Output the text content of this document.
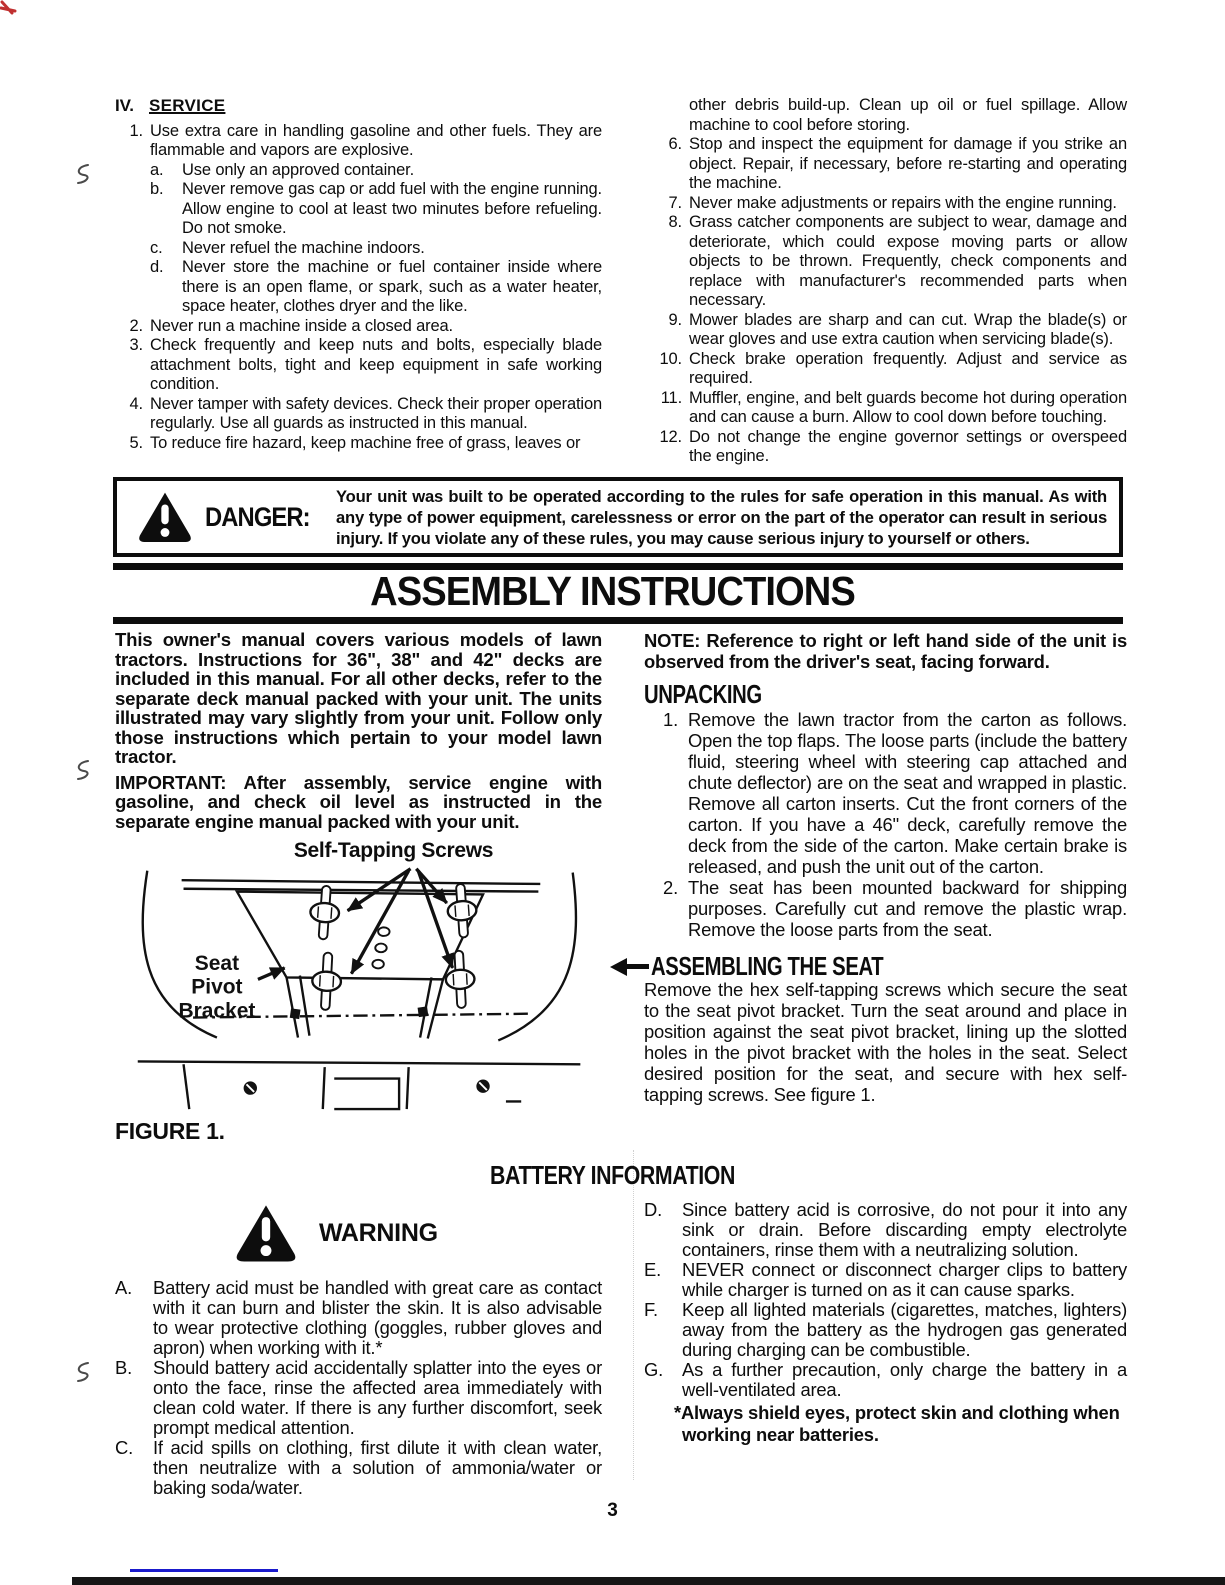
IV. SERVICE
1. Use extra care in handling gasoline and other fuels. They are flammable and vapors are explosive.
a.	Use only an approved container.
b.	Never remove gas cap or add fuel with the engine running. Allow engine to cool at least two minutes before refueling. Do not smoke.
c.	Never refuel the machine indoors.
d.	Never store the machine or fuel container inside where there is an open flame, or spark, such as a water heater, space heater, clothes dryer and the like.
2. Never run a machine inside a closed area.
3. Check frequently and keep nuts and bolts, especially blade attachment bolts, tight and keep equipment in safe working condition.
4. Never tamper with safety devices. Check their proper operation regularly. Use all guards as instructed in this manual.
5. To reduce fire hazard, keep machine free of grass, leaves or
other debris build-up. Clean up oil or fuel spillage. Allow machine to cool before storing.
6. Stop and inspect the equipment for damage if you strike an object. Repair, if necessary, before re-starting and operating the machine.
7. Never make adjustments or repairs with the engine running.
8. Grass catcher components are subject to wear, damage and deteriorate, which could expose moving parts or allow objects to be thrown. Frequently, check components and replace with manufacturer's recommended parts when necessary.
9. Mower blades are sharp and can cut. Wrap the blade(s) or wear gloves and use extra caution when servicing blade(s).
10. Check brake operation frequently. Adjust and service as required.
11. Muffler, engine, and belt guards become hot during operation and can cause a burn. Allow to cool down before touching.
12. Do not change the engine governor settings or overspeed the engine.
DANGER:
Your unit was built to be operated according to the rules for safe operation in this manual. As with any type of power equipment, carelessness or error on the part of the operator can result in serious injury. If you violate any of these rules, you may cause serious injury to yourself or others.
ASSEMBLY INSTRUCTIONS

This owner's manual covers various models of lawn tractors. Instructions for 36", 38" and 42" decks are included in this manual. For all other decks, refer to the separate deck manual packed with your unit. The units illustrated may vary slightly from your unit. Follow only those instructions which pertain to your model lawn tractor.

IMPORTANT: After assembly, service engine with gasoline, and check oil level as instructed in the separate engine manual packed with your unit.

Self-Tapping Screws
Seat
Pivot
Bracket
FIGURE 1.

NOTE: Reference to right or left hand side of the unit is observed from the driver's seat, facing forward.

UNPACKING
1. Remove the lawn tractor from the carton as follows. Open the top flaps. The loose parts (include the battery fluid, steering wheel with steering cap attached and chute deflector) are on the seat and wrapped in plastic. Remove all carton inserts. Cut the front corners of the carton. If you have a 46" deck, carefully remove the deck from the side of the carton. Make certain brake is released, and push the unit out of the carton.
2. The seat has been mounted backward for shipping purposes. Carefully cut and remove the plastic wrap. Remove the loose parts from the seat.
ASSEMBLING THE SEAT

Remove the hex self-tapping screws which secure the seat to the seat pivot bracket. Turn the seat around and place in position against the seat pivot bracket, lining up the slotted holes in the pivot bracket with the holes in the seat. Select desired position for the seat, and secure with hex self-tapping screws. See figure 1.

BATTERY INFORMATION
WARNING
A.	Battery acid must be handled with great care as contact with it can burn and blister the skin. It is also advisable to wear protective clothing (goggles, rubber gloves and apron) when working with it.*
B.	Should battery acid accidentally splatter into the eyes or onto the face, rinse the affected area immediately with clean cold water. If there is any further discomfort, seek prompt medical attention.
C.	If acid spills on clothing, first dilute it with clean water, then neutralize with a solution of ammonia/water or baking soda/water.
D.	Since battery acid is corrosive, do not pour it into any sink or drain. Before discarding empty electrolyte containers, rinse them with a neutralizing solution.
E.	NEVER connect or disconnect charger clips to battery while charger is turned on as it can cause sparks.
F.	Keep all lighted materials (cigarettes, matches, lighters) away from the battery as the hydrogen gas generated during charging can be combustible.
G.	As a further precaution, only charge the battery in a well-ventilated area.
*Always shield eyes, protect skin and clothing when working near batteries.
3
